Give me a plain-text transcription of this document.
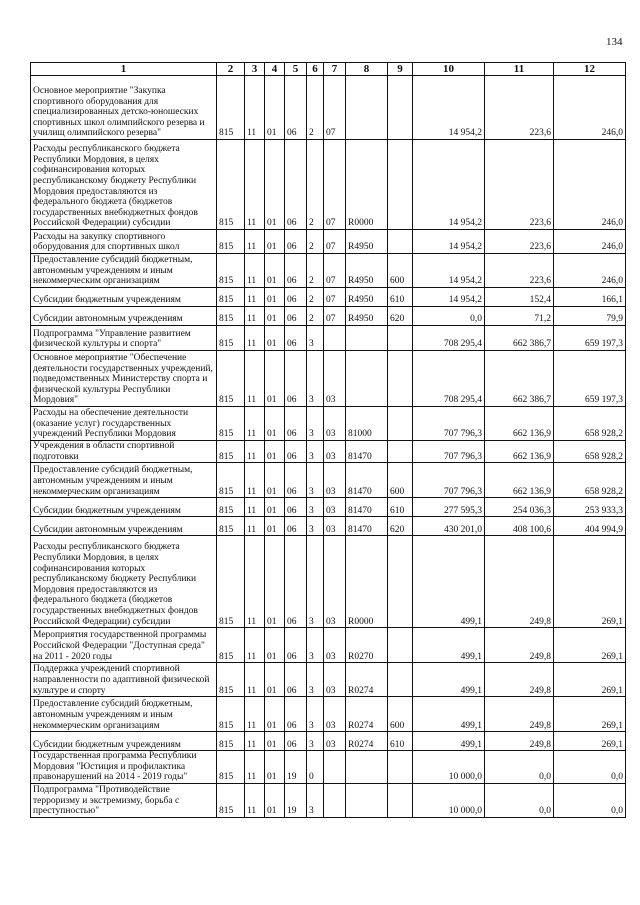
134
1	2	3	4	5	6	7	8	9	10	11	12
Основное мероприятие "Закупка спортивного оборудования для специализированных детско-юношеских спортивных школ олимпийского резерва и училищ олимпийского резерва"	815	11	01	06	2	07			14 954,2	223,6	246,0
Расходы республиканского бюджета Республики Мордовия, в целях софинансирования которых республиканскому бюджету Республики Мордовия предоставляются из федерального бюджета (бюджетов государственных внебюджетных фондов Российской Федерации) субсидии	815	11	01	06	2	07	R0000		14 954,2	223,6	246,0
Расходы на закупку спортивного оборудования для спортивных школ	815	11	01	06	2	07	R4950		14 954,2	223,6	246,0
Предоставление субсидий бюджетным, автономным учреждениям и иным некоммерческим организациям	815	11	01	06	2	07	R4950	600	14 954,2	223,6	246,0
Субсидии бюджетным учреждениям	815	11	01	06	2	07	R4950	610	14 954,2	152,4	166,1
Субсидии автономным учреждениям	815	11	01	06	2	07	R4950	620	0,0	71,2	79,9
Подпрограмма "Управление развитием физической культуры и спорта"	815	11	01	06	3				708 295,4	662 386,7	659 197,3
Основное мероприятие "Обеспечение деятельности государственных учреждений, подведомственных Министерству спорта и физической культуры Республики Мордовия"	815	11	01	06	3	03			708 295,4	662 386,7	659 197,3
Расходы на обеспечение деятельности (оказание услуг) государственных учреждений Республики Мордовия	815	11	01	06	3	03	81000		707 796,3	662 136,9	658 928,2
Учреждения в области спортивной подготовки	815	11	01	06	3	03	81470		707 796,3	662 136,9	658 928,2
Предоставление субсидий бюджетным, автономным учреждениям и иным некоммерческим организациям	815	11	01	06	3	03	81470	600	707 796,3	662 136,9	658 928,2
Субсидии бюджетным учреждениям	815	11	01	06	3	03	81470	610	277 595,3	254 036,3	253 933,3
Субсидии автономным учреждениям	815	11	01	06	3	03	81470	620	430 201,0	408 100,6	404 994,9
Расходы республиканского бюджета Республики Мордовия, в целях софинансирования которых республиканскому бюджету Республики Мордовия предоставляются из федерального бюджета (бюджетов государственных внебюджетных фондов Российской Федерации) субсидии	815	11	01	06	3	03	R0000		499,1	249,8	269,1
Мероприятия государственной программы Российской Федерации "Доступная среда" на 2011 - 2020 годы	815	11	01	06	3	03	R0270		499,1	249,8	269,1
Поддержка учреждений спортивной направленности по адаптивной физической культуре и спорту	815	11	01	06	3	03	R0274		499,1	249,8	269,1
Предоставление субсидий бюджетным, автономным учреждениям и иным некоммерческим организациям	815	11	01	06	3	03	R0274	600	499,1	249,8	269,1
Субсидии бюджетным учреждениям	815	11	01	06	3	03	R0274	610	499,1	249,8	269,1
Государственная программа Республики Мордовия "Юстиция и профилактика правонарушений на 2014 - 2019 годы"	815	11	01	19	0				10 000,0	0,0	0,0
Подпрограмма "Противодействие терроризму и экстремизму, борьба с преступностью"	815	11	01	19	3				10 000,0	0,0	0,0
